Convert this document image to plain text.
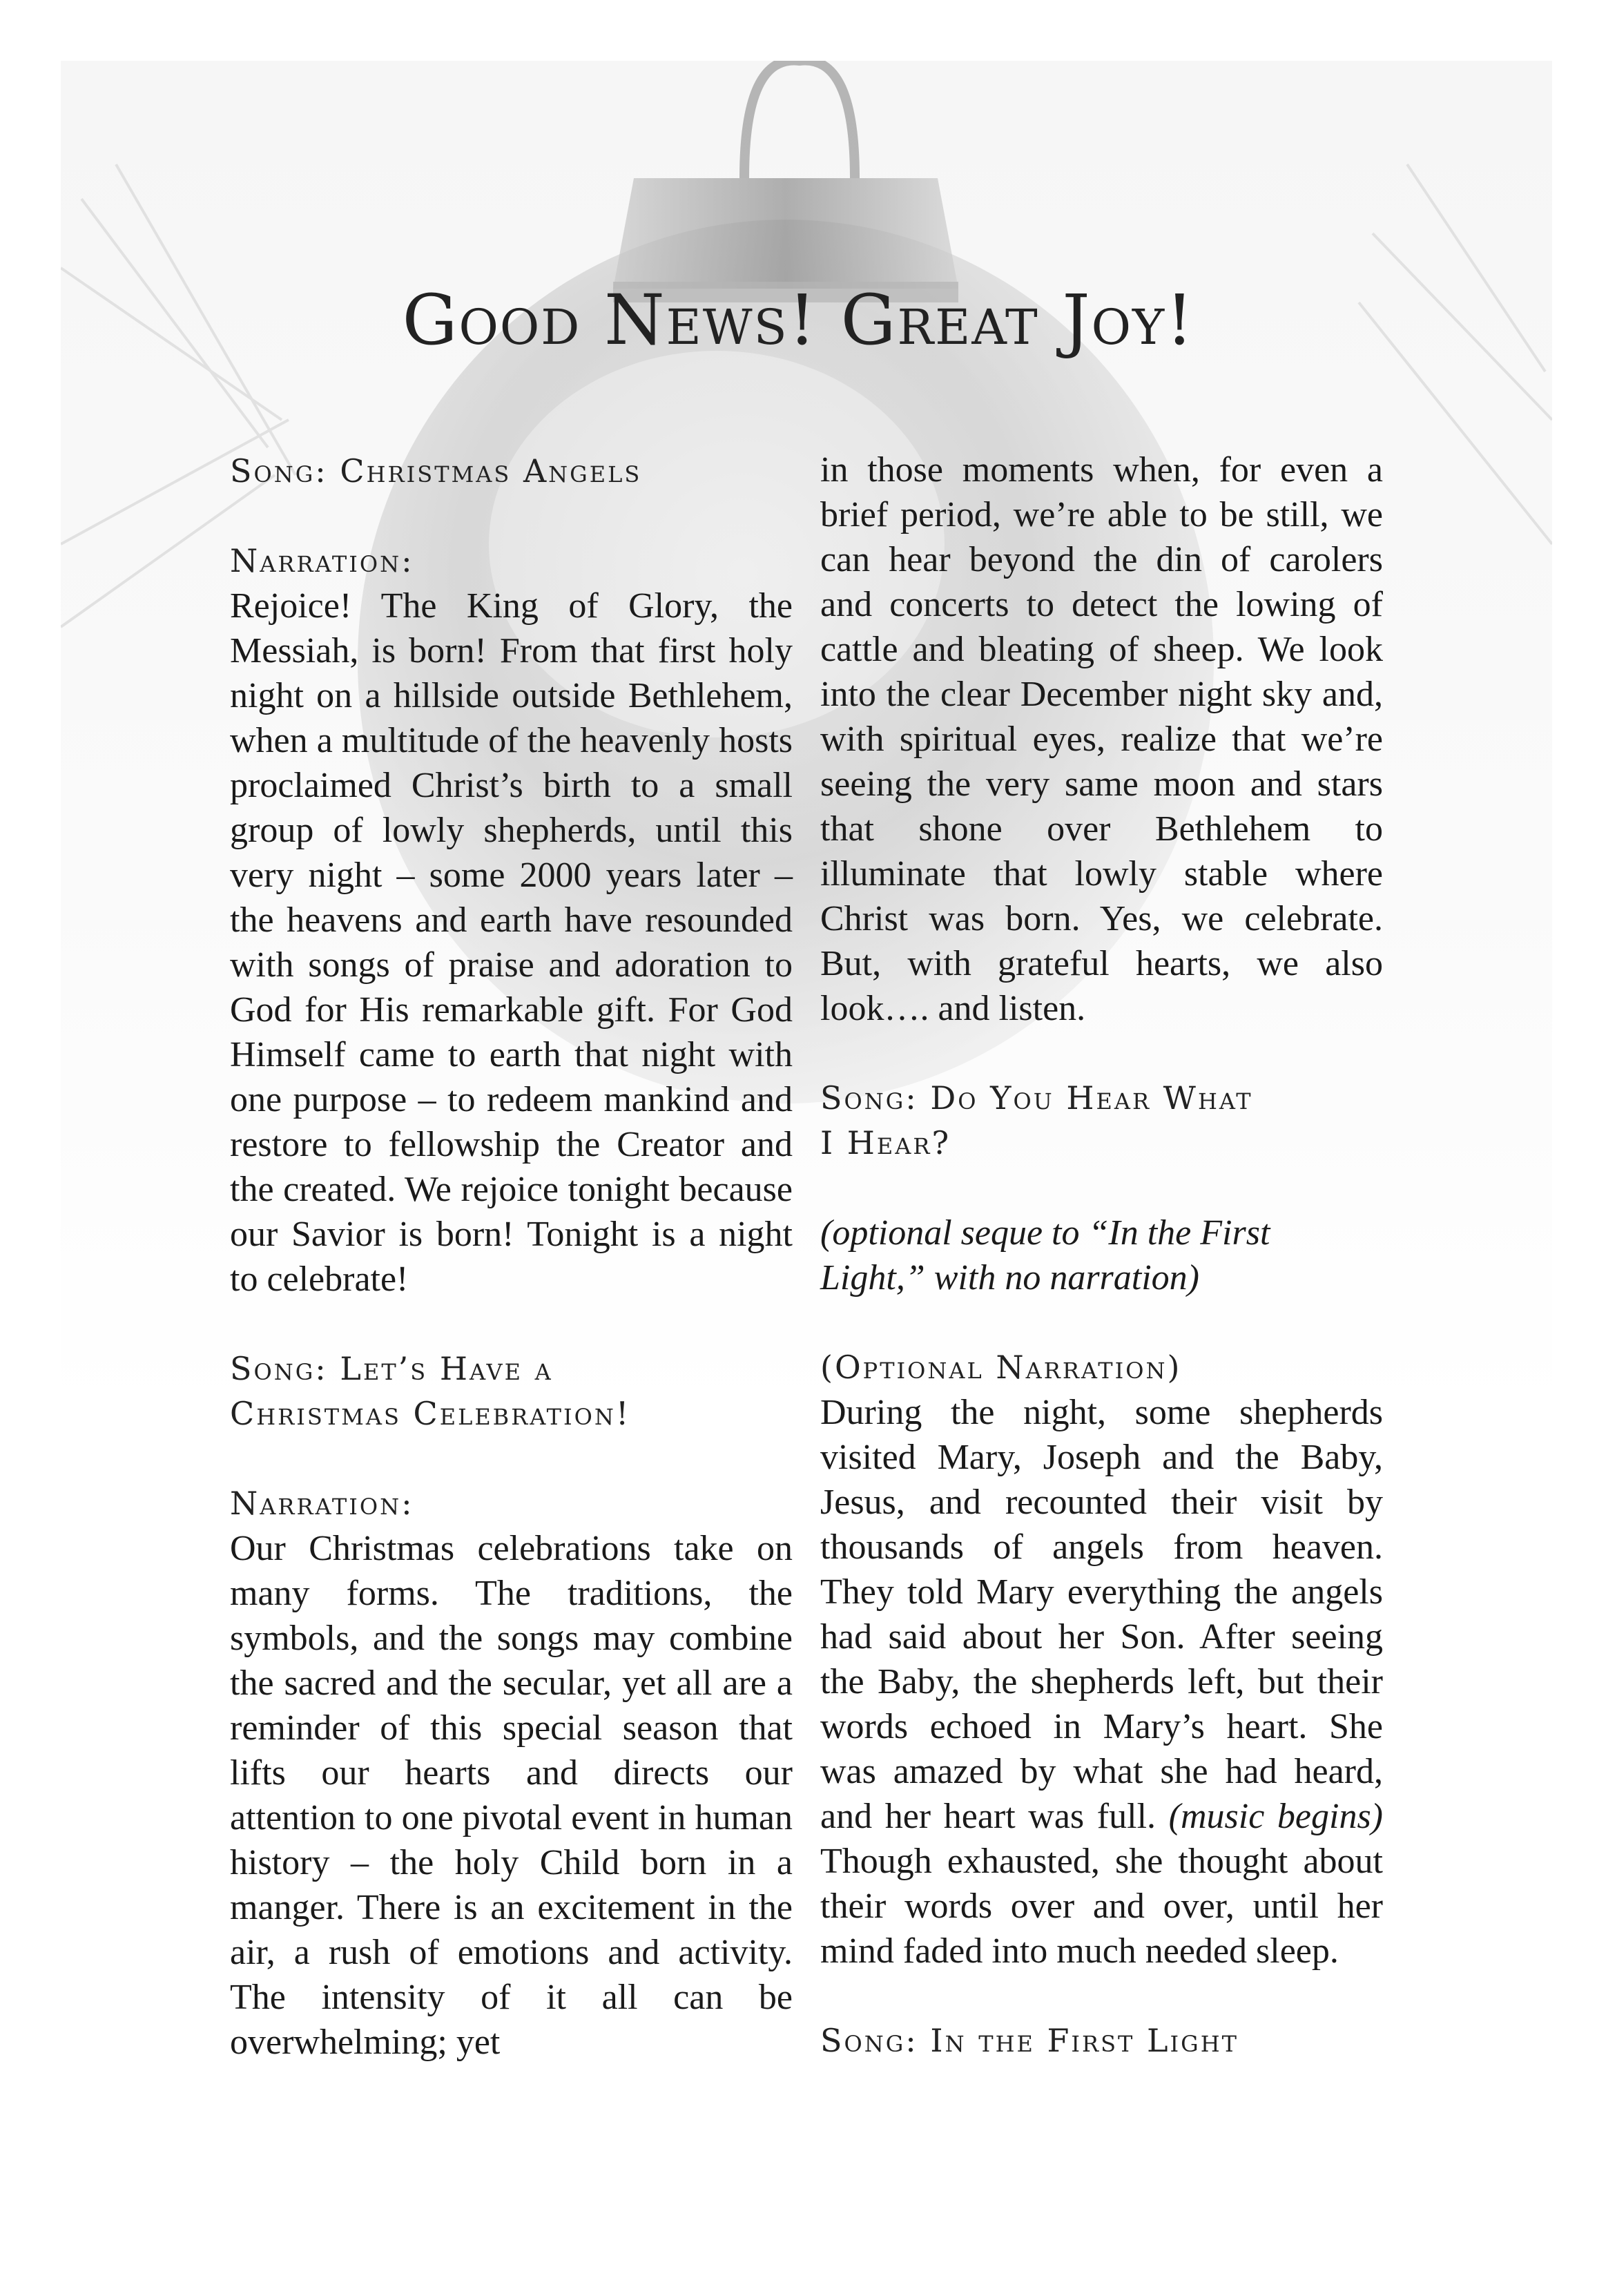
Good News! Great Joy!

Song: Christmas Angels

Narration:

Rejoice! The King of Glory, the Messiah, is born! From that first holy night on a hillside outside Bethlehem, when a multitude of the heavenly hosts proclaimed Christ’s birth to a small group of lowly shepherds, until this very night – some 2000 years later – the heavens and earth have resounded with songs of praise and adoration to God for His remarkable gift. For God Himself came to earth that night with one purpose – to redeem mankind and restore to fellowship the Creator and the created. We rejoice tonight because our Savior is born! Tonight is a night to celebrate!

Song: Let’s Have a

Christmas Celebration!

Narration:

Our Christmas celebrations take on many forms. The traditions, the symbols, and the songs may combine the sacred and the secular, yet all are a reminder of this special season that lifts our hearts and directs our attention to one pivotal event in human history – the holy Child born in a manger. There is an excitement in the air, a rush of emotions and activity. The intensity of it all can be overwhelming; yet

in those moments when, for even a brief period, we’re able to be still, we can hear beyond the din of carolers and concerts to detect the lowing of cattle and bleating of sheep. We look into the clear December night sky and, with spiritual eyes, realize that we’re seeing the very same moon and stars that shone over Bethlehem to illuminate that lowly stable where Christ was born. Yes, we celebrate. But, with grateful hearts, we also look…. and listen.

Song: Do You Hear What

I Hear?

(optional seque to “In the First Light,” with no narration)

(Optional Narration)

During the night, some shepherds visited Mary, Joseph and the Baby, Jesus, and recounted their visit by thousands of angels from heaven. They told Mary everything the angels had said about her Son. After seeing the Baby, the shepherds left, but their words echoed in Mary’s heart. She was amazed by what she had heard, and her heart was full. (music begins) Though exhausted, she thought about their words over and over, until her mind faded into much needed sleep.

Song: In the First Light
